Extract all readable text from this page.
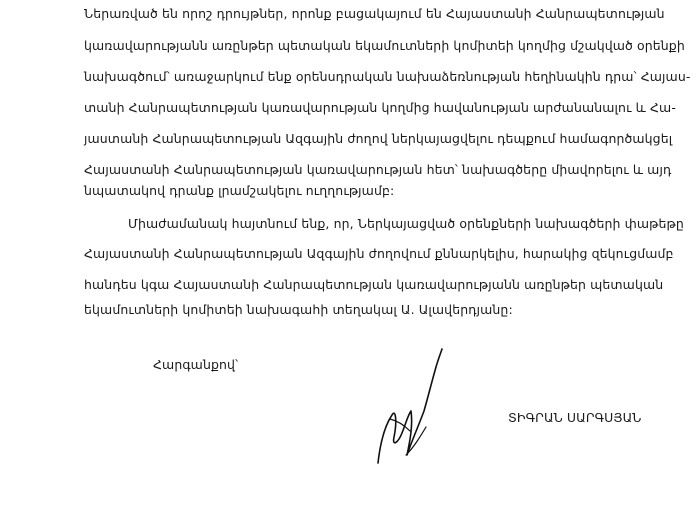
Ներառված են որոշ դրույթներ, որոնք բացակայում են Հայաստանի Հանրապետության
կառավարությանն առընթեր պետական եկամուտների կոմիտեի կողմից մշակված օրենքի
նախագծում՝ առաջարկում ենք օրենսդրական նախաձեռնության հեղինակին դրա՝ Հայաս-
տանի Հանրապետության կառավարության կողմից հավանության արժանանալու և Հա-
յաստանի Հանրապետության Ազգային ժողով ներկայացվելու դեպքում համագործակցել
Հայաստանի Հանրապետության կառավարության հետ՝ նախագծերը միավորելու և այդ
նպատակով դրանք լրամշակելու ուղղությամբ:
Միաժամանակ հայտնում ենք, որ, Ներկայացված օրենքների նախագծերի փաթեթը
Հայաստանի Հանրապետության Ազգային ժողովում քննարկելիս, հարակից զեկուցմամբ
հանդես կգա Հայաստանի Հանրապետության կառավարությանն առընթեր պետական
եկամուտների կոմիտեի նախագահի տեղակալ Ա. Ալավերդյանը:
Հարգանքով՝
ՏԻԳՐԱՆ ՍԱՐԳՍՅԱՆ
